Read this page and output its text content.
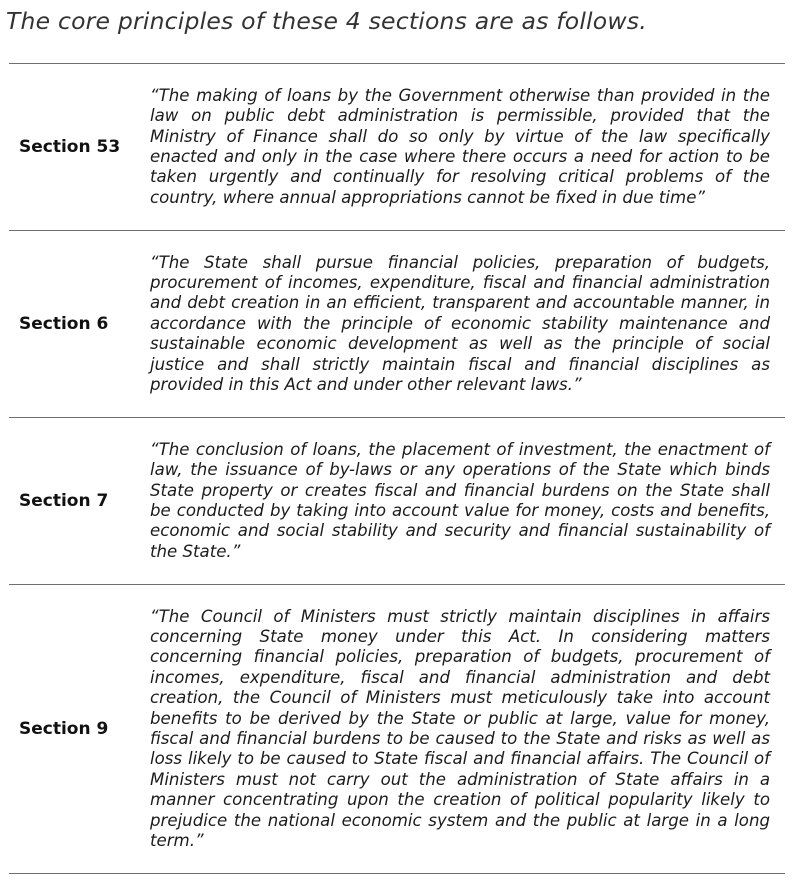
The core principles of these 4 sections are as follows.
Section 53
“The making of loans by the Government otherwise than provided in the law on public debt administration is permissible, provided that the Ministry of Finance shall do so only by virtue of the law specifically enacted and only in the case where there occurs a need for action to be taken urgently and continually for resolving critical problems of the country, where annual appropriations cannot be fixed in due time”
Section 6
“The State shall pursue financial policies, preparation of budgets, procurement of incomes, expenditure, fiscal and financial administration and debt creation in an efficient, transparent and accountable manner, in accordance with the principle of economic stability maintenance and sustainable economic development as well as the principle of social justice and shall strictly maintain fiscal and financial disciplines as provided in this Act and under other relevant laws.”
Section 7
“The conclusion of loans, the placement of investment, the enactment of law, the issuance of by-laws or any operations of the State which binds State property or creates fiscal and financial burdens on the State shall be conducted by taking into account value for money, costs and benefits, economic and social stability and security and financial sustainability of the State.”
Section 9
“The Council of Ministers must strictly maintain disciplines in affairs concerning State money under this Act. In considering matters concerning financial policies, preparation of budgets, procurement of incomes, expenditure, fiscal and financial administration and debt creation, the Council of Ministers must meticulously take into account benefits to be derived by the State or public at large, value for money, fiscal and financial burdens to be caused to the State and risks as well as loss likely to be caused to State fiscal and financial affairs. The Council of Ministers must not carry out the administration of State affairs in a manner concentrating upon the creation of political popularity likely to prejudice the national economic system and the public at large in a long term.”
